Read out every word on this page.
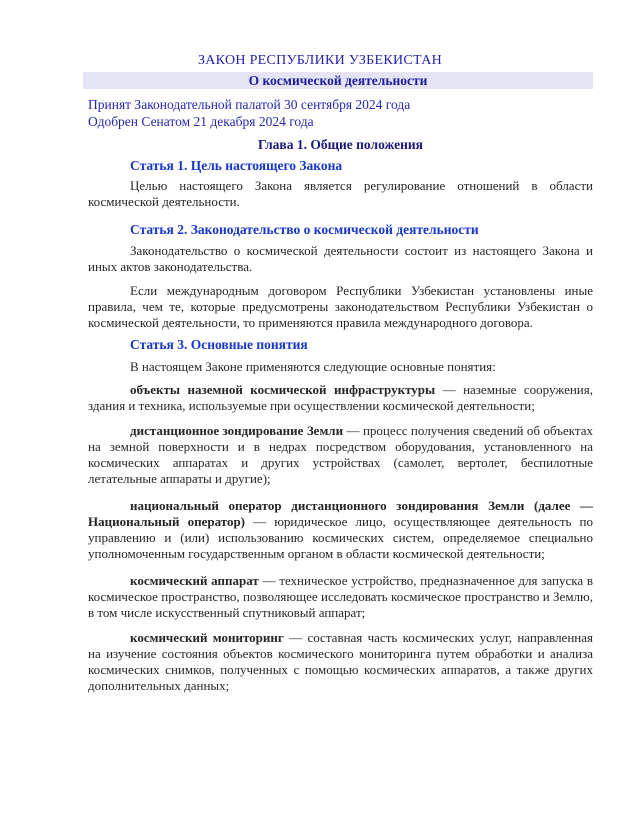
ЗАКОН РЕСПУБЛИКИ УЗБЕКИСТАН
О космической деятельности

Принят Законодательной палатой 30 сентября 2024 года

Одобрен Сенатом 21 декабря 2024 года

Глава 1. Общие положения
Статья 1. Цель настоящего Закона

Целью настоящего Закона является регулирование отношений в области космической деятельности.

Статья 2. Законодательство о космической деятельности

Законодательство о космической деятельности состоит из настоящего Закона и иных актов законодательства.

Если международным договором Республики Узбекистан установлены иные правила, чем те, которые предусмотрены законодательством Республики Узбекистан о космической деятельности, то применяются правила международного договора.

Статья 3. Основные понятия

В настоящем Законе применяются следующие основные понятия:

объекты наземной космической инфраструктуры — наземные сооружения, здания и техника, используемые при осуществлении космической деятельности;

дистанционное зондирование Земли — процесс получения сведений об объектах на земной поверхности и в недрах посредством оборудования, установленного на космических аппаратах и других устройствах (самолет, вертолет, беспилотные летательные аппараты и другие);

национальный оператор дистанционного зондирования Земли (далее — Национальный оператор) — юридическое лицо, осуществляющее деятельность по управлению и (или) использованию космических систем, определяемое специально уполномоченным государственным органом в области космической деятельности;

космический аппарат — техническое устройство, предназначенное для запуска в космическое пространство, позволяющее исследовать космическое пространство и Землю, в том числе искусственный спутниковый аппарат;

космический мониторинг — составная часть космических услуг, направленная на изучение состояния объектов космического мониторинга путем обработки и анализа космических снимков, полученных с помощью космических аппаратов, а также других дополнительных данных;
